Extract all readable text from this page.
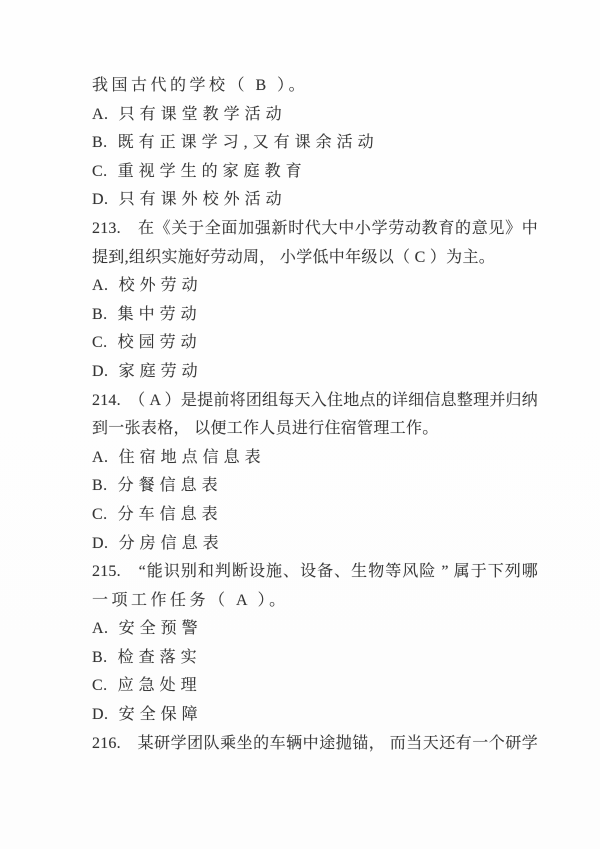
我国古代的学校（ B ）。
A. 只有课堂教学活动
B. 既有正课学习,又有课余活动
C. 重视学生的家庭教育
D. 只有课外校外活动
213.　在《关于全面加强新时代大中小学劳动教育的意见》中
提到,组织实施好劳动周， 小学低中年级以（ C ）为主。
A. 校外劳动
B. 集中劳动
C. 校园劳动
D. 家庭劳动
214.　（ A ）是提前将团组每天入住地点的详细信息整理并归纳
到一张表格， 以便工作人员进行住宿管理工作。
A. 住宿地点信息表
B. 分餐信息表
C. 分车信息表
D. 分房信息表
215.　“能识别和判断设施、设备、生物等风险 ” 属于下列哪
一项工作任务（ A ）。
A. 安全预警
B. 检查落实
C. 应急处理
D. 安全保障
216.　某研学团队乘坐的车辆中途抛锚， 而当天还有一个研学
